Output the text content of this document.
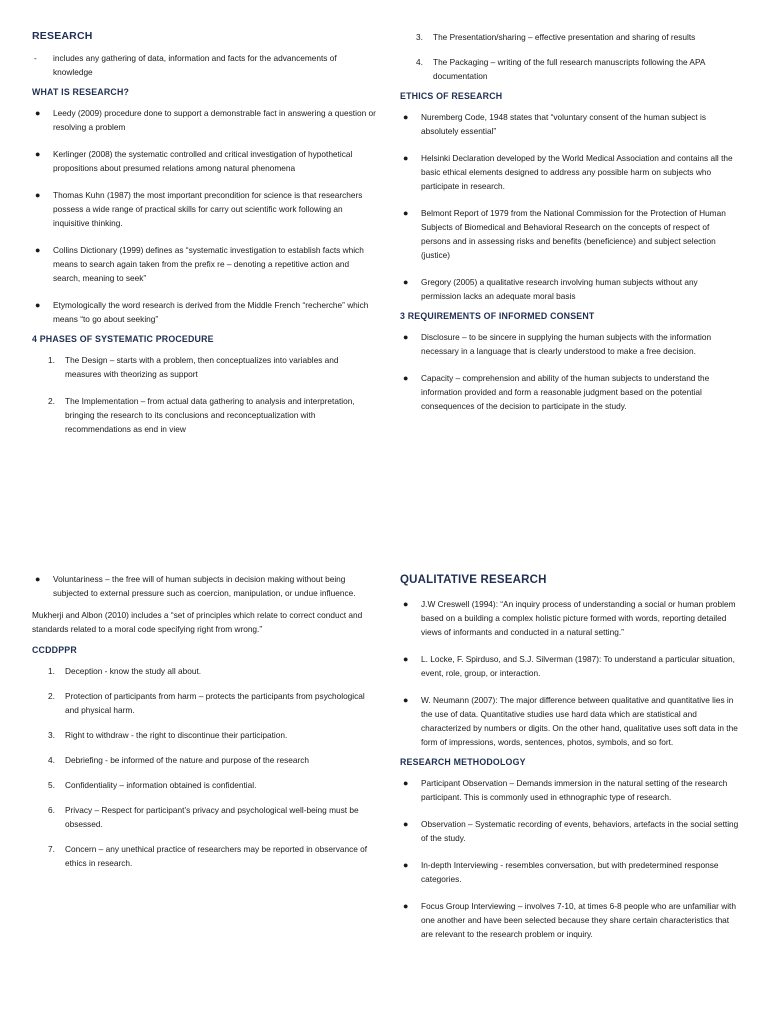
RESEARCH
- includes any gathering of data, information and facts for the advancements of knowledge
WHAT IS RESEARCH?
● Leedy (2009) procedure done to support a demonstrable fact in answering a question or resolving a problem
● Kerlinger (2008) the systematic controlled and critical investigation of hypothetical propositions about presumed relations among natural phenomena
● Thomas Kuhn (1987) the most important precondition for science is that researchers possess a wide range of practical skills for carry out scientific work following an inquisitive thinking.
● Collins Dictionary (1999) defines as “systematic investigation to establish facts which means to search again taken from the prefix re – denoting a repetitive action and search, meaning to seek”
● Etymologically the word research is derived from the Middle French “recherche” which means “to go about seeking”
4 PHASES OF SYSTEMATIC PROCEDURE
1. The Design – starts with a problem, then conceptualizes into variables and measures with theorizing as support
2. The Implementation – from actual data gathering to analysis and interpretation, bringing the research to its conclusions and reconceptualization with recommendations as end in view
3. The Presentation/sharing – effective presentation and sharing of results
4. The Packaging – writing of the full research manuscripts following the APA documentation
ETHICS OF RESEARCH
● Nuremberg Code, 1948 states that “voluntary consent of the human subject is absolutely essential”
● Helsinki Declaration developed by the World Medical Association and contains all the basic ethical elements designed to address any possible harm on subjects who participate in research.
● Belmont Report of 1979 from the National Commission for the Protection of Human Subjects of Biomedical and Behavioral Research on the concepts of respect of persons and in assessing risks and benefits (beneficience) and subject selection (justice)
● Gregory (2005) a qualitative research involving human subjects without any permission lacks an adequate moral basis
3 REQUIREMENTS OF INFORMED CONSENT
● Disclosure – to be sincere in supplying the human subjects with the information necessary in a language that is clearly understood to make a free decision.
● Capacity – comprehension and ability of the human subjects to understand the information provided and form a reasonable judgment based on the potential consequences of the decision to participate in the study.
● Voluntariness – the free will of human subjects in decision making without being subjected to external pressure such as coercion, manipulation, or undue influence.
Mukherji and Albon (2010) includes a “set of principles which relate to correct conduct and standards related to a moral code specifying right from wrong.”
CCDDPPR
1. Deception - know the study all about.
2. Protection of participants from harm – protects the participants from psychological and physical harm.
3. Right to withdraw - the right to discontinue their participation.
4. Debriefing - be informed of the nature and purpose of the research
5. Confidentiality – information obtained is confidential.
6. Privacy – Respect for participant’s privacy and psychological well-being must be obsessed.
7. Concern – any unethical practice of researchers may be reported in observance of ethics in research.
QUALITATIVE RESEARCH
● J.W Creswell (1994): “An inquiry process of understanding a social or human problem based on a building a complex holistic picture formed with words, reporting detailed views of informants and conducted in a natural setting.”
● L. Locke, F. Spirduso, and S.J. Silverman (1987): To understand a particular situation, event, role, group, or interaction.
● W. Neumann (2007): The major difference between qualitative and quantitative lies in the use of data. Quantitative studies use hard data which are statistical and characterized by numbers or digits. On the other hand, qualitative uses soft data in the form of impressions, words, sentences, photos, symbols, and so fort.
RESEARCH METHODOLOGY
● Participant Observation – Demands immersion in the natural setting of the research participant. This is commonly used in ethnographic type of research.
● Observation – Systematic recording of events, behaviors, artefacts in the social setting of the study.
● In-depth Interviewing - resembles conversation, but with predetermined response categories.
● Focus Group Interviewing – involves 7-10, at times 6-8 people who are unfamiliar with one another and have been selected because they share certain characteristics that are relevant to the research problem or inquiry.
